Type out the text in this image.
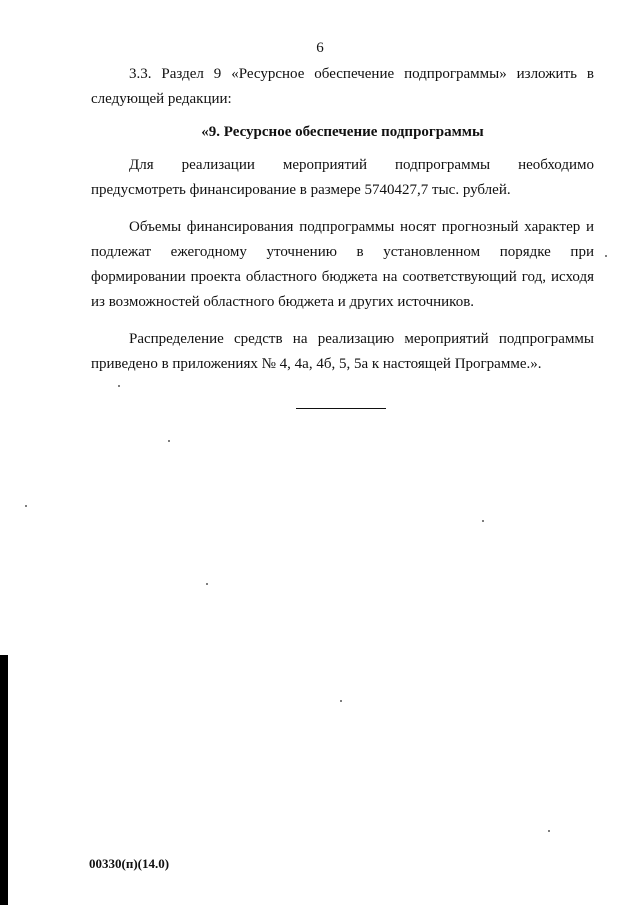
6

3.3. Раздел 9 «Ресурсное обеспечение подпрограммы» изложить в следующей редакции:

«9. Ресурсное обеспечение подпрограммы

Для реализации мероприятий подпрограммы необходимо предусмотреть финансирование в размере 5740427,7 тыс. рублей.

Объемы финансирования подпрограммы носят прогнозный характер и подлежат ежегодному уточнению в установленном порядке при формировании проекта областного бюджета на соответствующий год, исходя из возможностей областного бюджета и других источников.

Распределение средств на реализацию мероприятий подпрограммы приведено в приложениях № 4, 4а, 4б, 5, 5а к настоящей Программе.».

00330(п)(14.0)
